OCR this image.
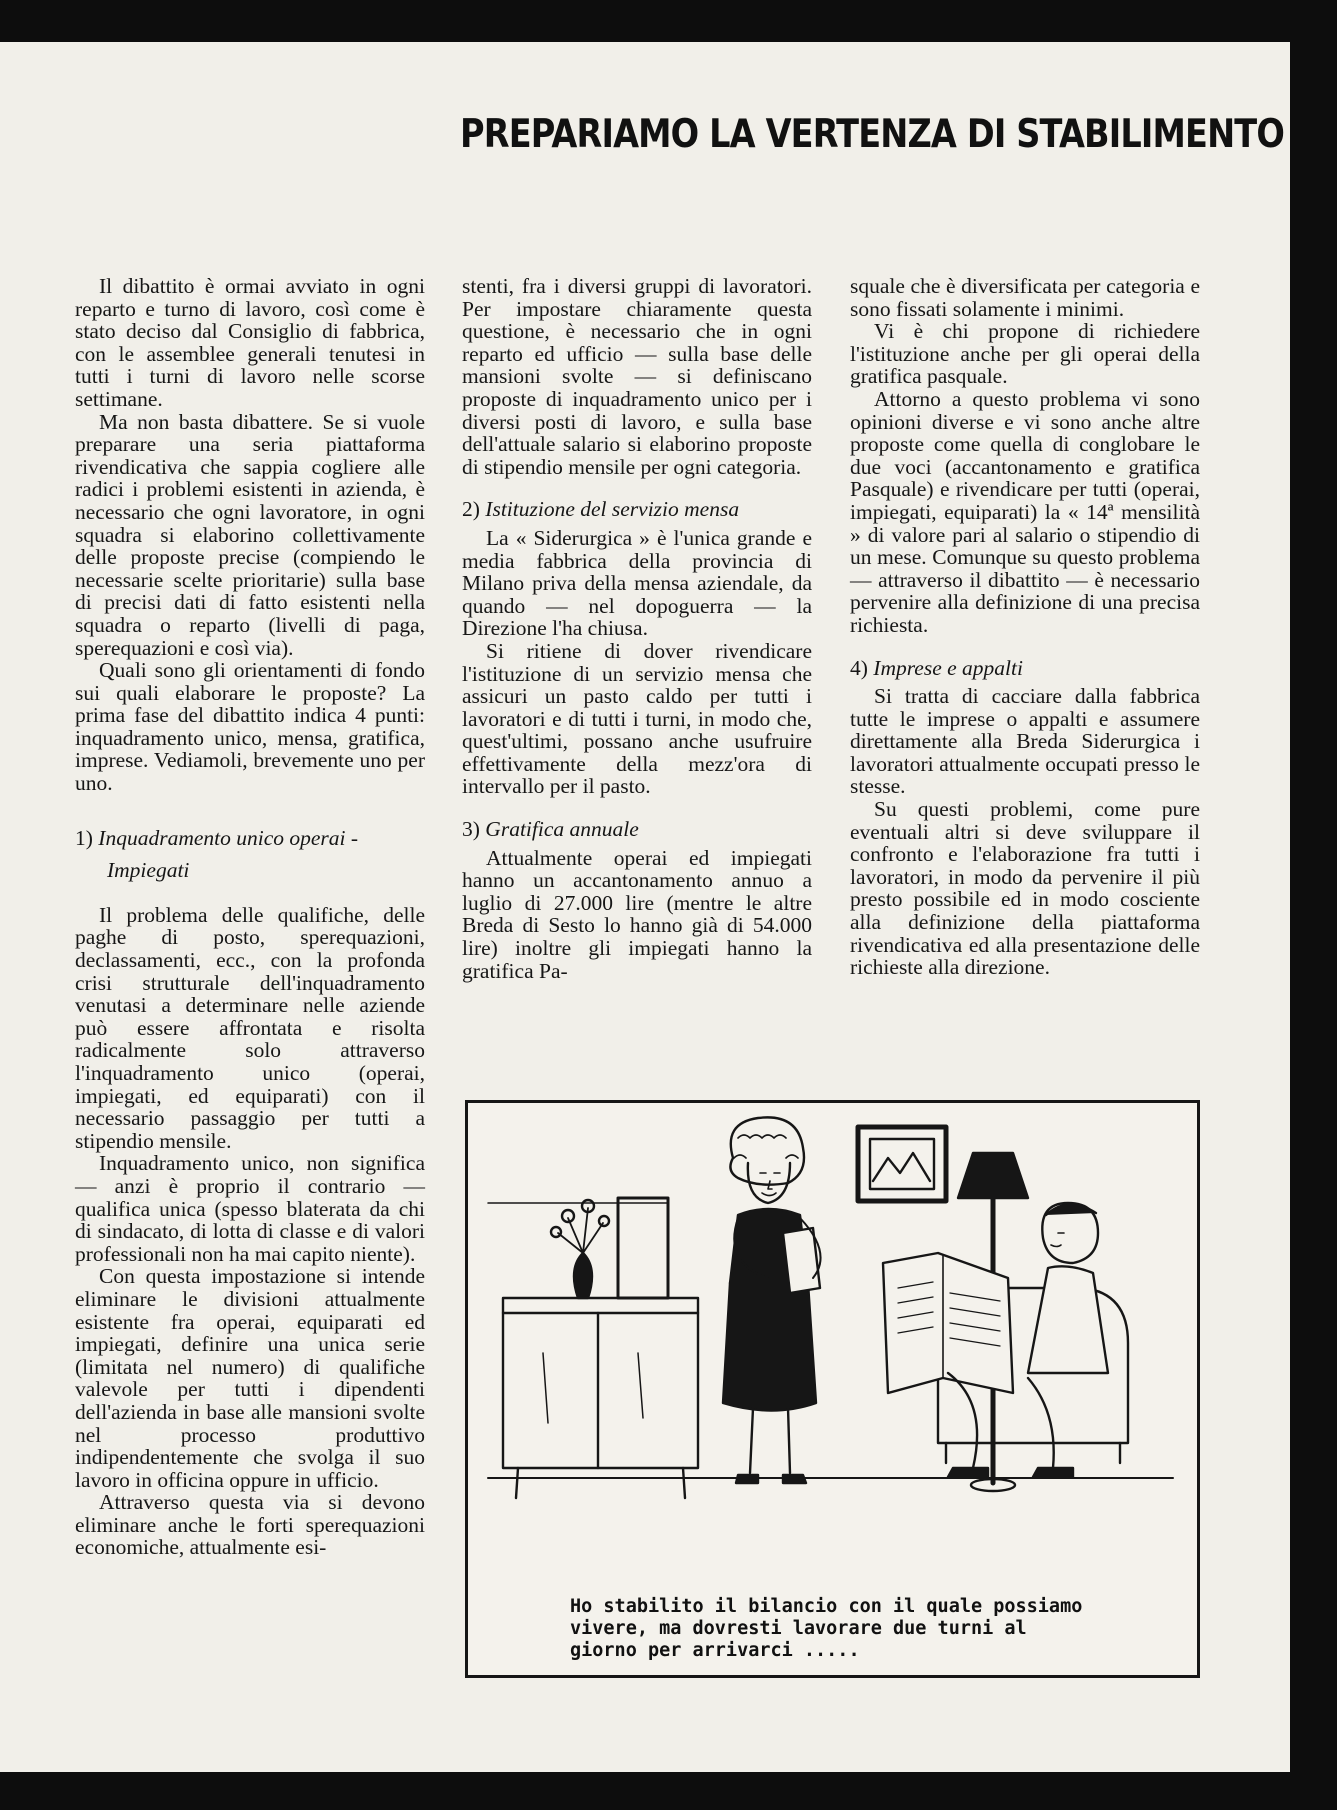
PREPARIAMO LA VERTENZA DI STABILIMENTO

Il dibattito è ormai avviato in ogni reparto e turno di lavoro, così come è stato deciso dal Consiglio di fabbrica, con le assemblee generali tenutesi in tutti i turni di lavoro nelle scorse settimane.

Ma non basta dibattere. Se si vuole preparare una seria piattaforma rivendicativa che sappia cogliere alle radici i problemi esistenti in azienda, è necessario che ogni lavoratore, in ogni squadra si elaborino collettivamente delle proposte precise (compiendo le necessarie scelte prioritarie) sulla base di precisi dati di fatto esistenti nella squadra o reparto (livelli di paga, sperequazioni e così via).

Quali sono gli orientamenti di fondo sui quali elaborare le proposte? La prima fase del dibattito indica 4 punti: inquadramento unico, mensa, gratifica, imprese. Vediamoli, brevemente uno per uno.

1) Inquadramento unico operai -
Impiegati

Il problema delle qualifiche, delle paghe di posto, sperequazioni, declassamenti, ecc., con la profonda crisi strutturale dell'inquadramento venutasi a determinare nelle aziende può essere affrontata e risolta radicalmente solo attraverso l'inquadramento unico (operai, impiegati, ed equiparati) con il necessario passaggio per tutti a stipendio mensile.

Inquadramento unico, non significa — anzi è proprio il contrario — qualifica unica (spesso blaterata da chi di sindacato, di lotta di classe e di valori professionali non ha mai capito niente).

Con questa impostazione si intende eliminare le divisioni attualmente esistente fra operai, equiparati ed impiegati, definire una unica serie (limitata nel numero) di qualifiche valevole per tutti i dipendenti dell'azienda in base alle mansioni svolte nel processo produttivo indipendentemente che svolga il suo lavoro in officina oppure in ufficio.

Attraverso questa via si devono eliminare anche le forti sperequazioni economiche, attualmente esi-

stenti, fra i diversi gruppi di lavoratori. Per impostare chiaramente questa questione, è necessario che in ogni reparto ed ufficio — sulla base delle mansioni svolte — si definiscano proposte di inquadramento unico per i diversi posti di lavoro, e sulla base dell'attuale salario si elaborino proposte di stipendio mensile per ogni categoria.

2) Istituzione del servizio mensa

La « Siderurgica » è l'unica grande e media fabbrica della provincia di Milano priva della mensa aziendale, da quando — nel dopoguerra — la Direzione l'ha chiusa.

Si ritiene di dover rivendicare l'istituzione di un servizio mensa che assicuri un pasto caldo per tutti i lavoratori e di tutti i turni, in modo che, quest'ultimi, possano anche usufruire effettivamente della mezz'ora di intervallo per il pasto.

3) Gratifica annuale

Attualmente operai ed impiegati hanno un accantonamento annuo a luglio di 27.000 lire (mentre le altre Breda di Sesto lo hanno già di 54.000 lire) inoltre gli impiegati hanno la gratifica Pa-

squale che è diversificata per categoria e sono fissati solamente i minimi.

Vi è chi propone di richiedere l'istituzione anche per gli operai della gratifica pasquale.

Attorno a questo problema vi sono opinioni diverse e vi sono anche altre proposte come quella di conglobare le due voci (accantonamento e gratifica Pasquale) e rivendicare per tutti (operai, impiegati, equiparati) la « 14ª mensilità » di valore pari al salario o stipendio di un mese. Comunque su questo problema — attraverso il dibattito — è necessario pervenire alla definizione di una precisa richiesta.

4) Imprese e appalti

Si tratta di cacciare dalla fabbrica tutte le imprese o appalti e assumere direttamente alla Breda Siderurgica i lavoratori attualmente occupati presso le stesse.

Su questi problemi, come pure eventuali altri si deve sviluppare il confronto e l'elaborazione fra tutti i lavoratori, in modo da pervenire il più presto possibile ed in modo cosciente alla definizione della piattaforma rivendicativa ed alla presentazione delle richieste alla direzione.

Ho stabilito il bilancio con il quale possiamo
vivere, ma dovresti lavorare due turni al
giorno per arrivarci .....
